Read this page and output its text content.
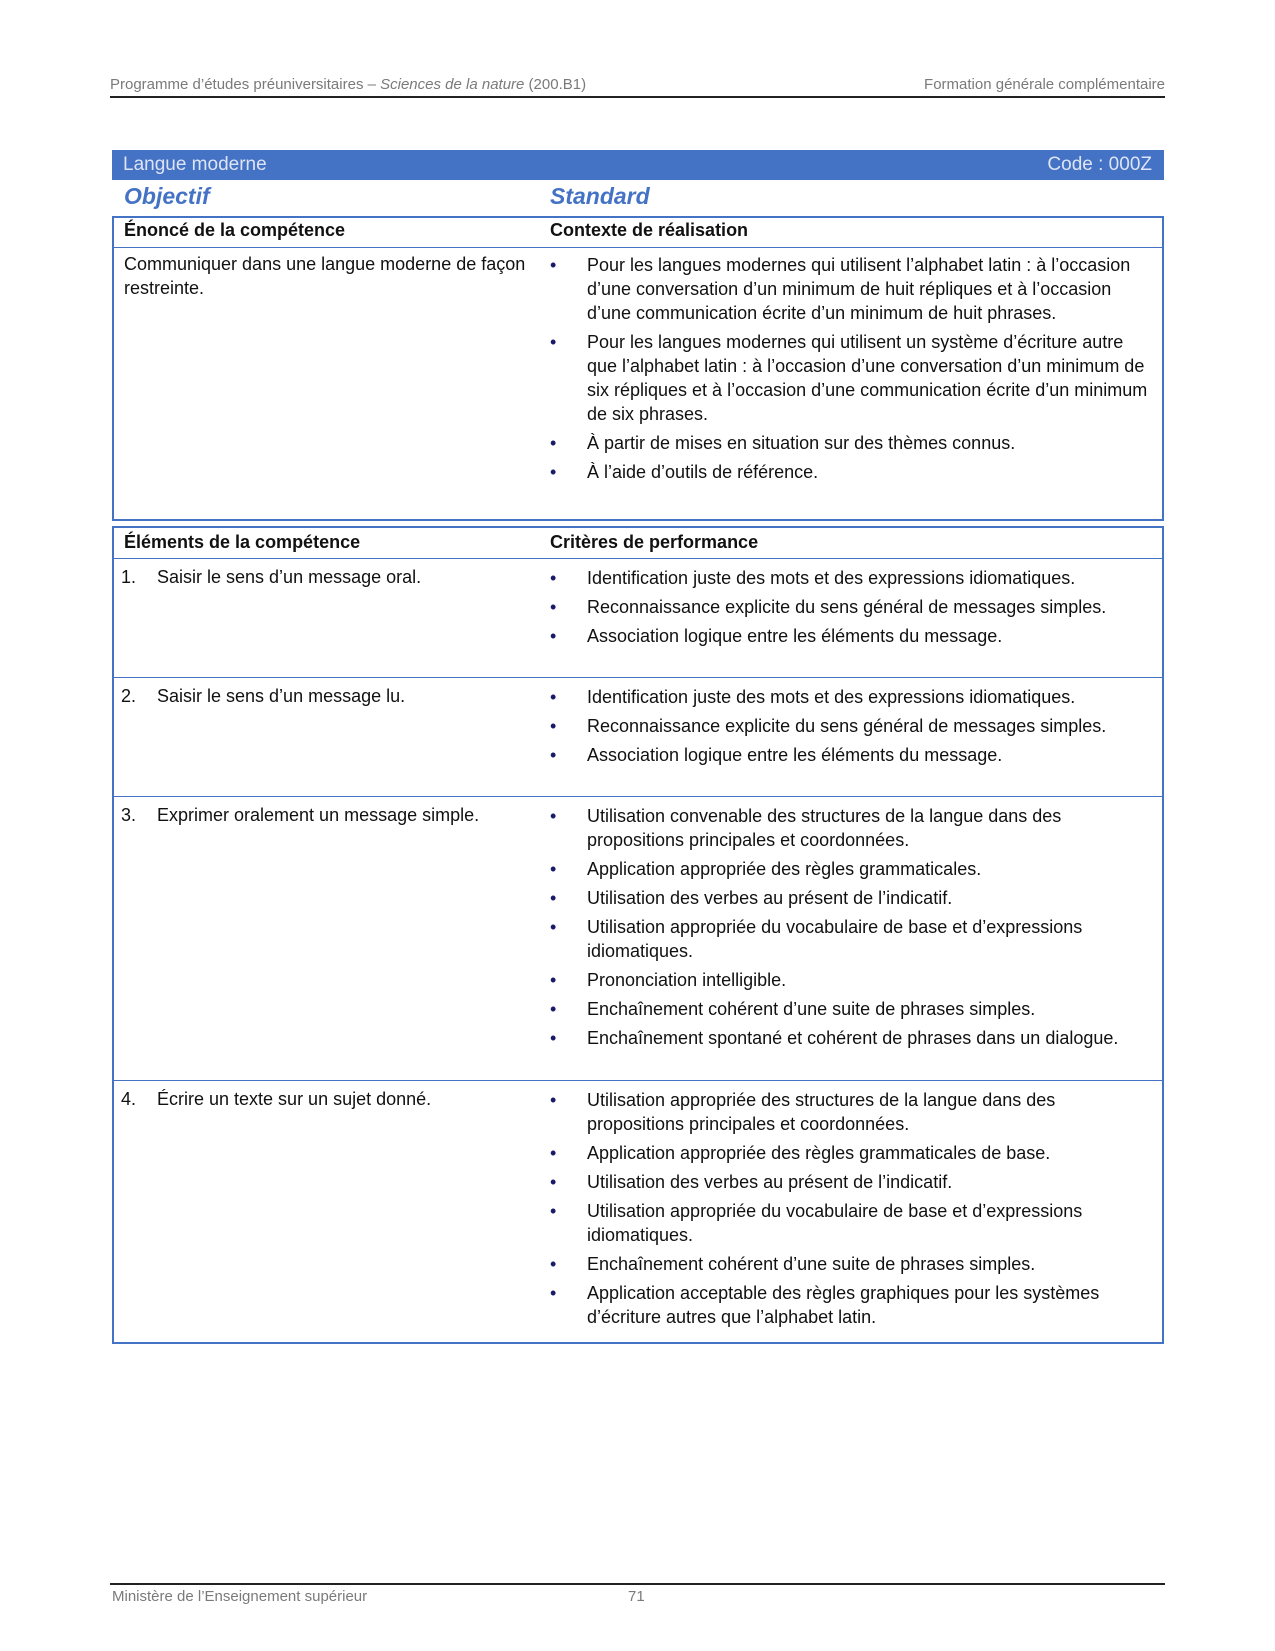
Programme d’études préuniversitaires – Sciences de la nature (200.B1)	Formation générale complémentaire
Langue moderne	Code : 000Z
Objectif	Standard
Énoncé de la compétence	Contexte de réalisation
Communiquer dans une langue moderne de façon restreinte.
• Pour les langues modernes qui utilisent l’alphabet latin : à l’occasion d’une conversation d’un minimum de huit répliques et à l’occasion d’une communication écrite d’un minimum de huit phrases.
• Pour les langues modernes qui utilisent un système d’écriture autre que l’alphabet latin : à l’occasion d’une conversation d’un minimum de six répliques et à l’occasion d’une communication écrite d’un minimum de six phrases.
• À partir de mises en situation sur des thèmes connus.
• À l’aide d’outils de référence.
Éléments de la compétence	Critères de performance
1.	Saisir le sens d’un message oral.	• Identification juste des mots et des expressions idiomatiques.
• Reconnaissance explicite du sens général de messages simples.
• Association logique entre les éléments du message.
2.	Saisir le sens d’un message lu.	• Identification juste des mots et des expressions idiomatiques.
• Reconnaissance explicite du sens général de messages simples.
• Association logique entre les éléments du message.
3.	Exprimer oralement un message simple.	• Utilisation convenable des structures de la langue dans des propositions principales et coordonnées.
• Application appropriée des règles grammaticales.
• Utilisation des verbes au présent de l’indicatif.
• Utilisation appropriée du vocabulaire de base et d’expressions idiomatiques.
• Prononciation intelligible.
• Enchaînement cohérent d’une suite de phrases simples.
• Enchaînement spontané et cohérent de phrases dans un dialogue.
4.	Écrire un texte sur un sujet donné.	• Utilisation appropriée des structures de la langue dans des propositions principales et coordonnées.
• Application appropriée des règles grammaticales de base.
• Utilisation des verbes au présent de l’indicatif.
• Utilisation appropriée du vocabulaire de base et d’expressions idiomatiques.
• Enchaînement cohérent d’une suite de phrases simples.
• Application acceptable des règles graphiques pour les systèmes d’écriture autres que l’alphabet latin.
Ministère de l’Enseignement supérieur	71
